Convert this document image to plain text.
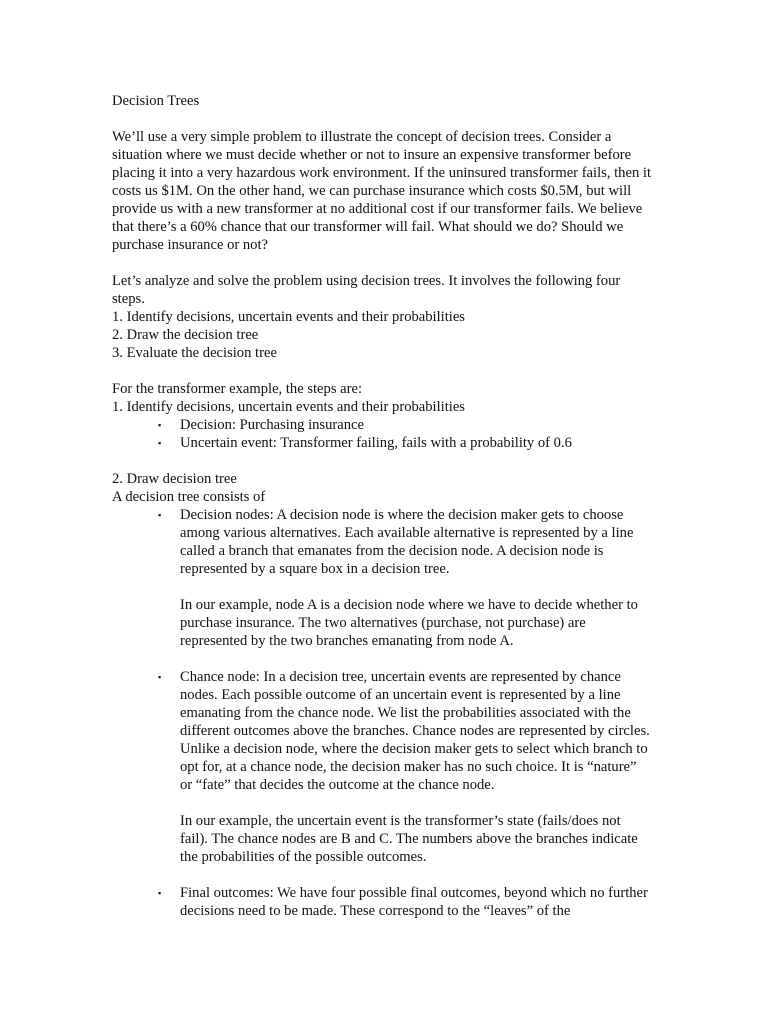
Decision Trees

We’ll use a very simple problem to illustrate the concept of decision trees. Consider a situation where we must decide whether or not to insure an expensive transformer before placing it into a very hazardous work environment. If the uninsured transformer fails, then it costs us $1M. On the other hand, we can purchase insurance which costs $0.5M, but will provide us with a new transformer at no additional cost if our transformer fails. We believe that there’s a 60% chance that our transformer will fail. What should we do? Should we purchase insurance or not?

Let’s analyze and solve the problem using decision trees. It involves the following four steps.

1. Identify decisions, uncertain events and their probabilities

2. Draw the decision tree

3. Evaluate the decision tree

For the transformer example, the steps are:

1. Identify decisions, uncertain events and their probabilities

▪ Decision: Purchasing insurance
▪ Uncertain event: Transformer failing, fails with a probability of 0.6

2. Draw decision tree

A decision tree consists of

▪ Decision nodes: A decision node is where the decision maker gets to choose among various alternatives. Each available alternative is represented by a line called a branch that emanates from the decision node. A decision node is represented by a square box in a decision tree.

In our example, node A is a decision node where we have to decide whether to purchase insurance. The two alternatives (purchase, not purchase) are represented by the two branches emanating from node A.

▪ Chance node: In a decision tree, uncertain events are represented by chance nodes. Each possible outcome of an uncertain event is represented by a line emanating from the chance node. We list the probabilities associated with the different outcomes above the branches. Chance nodes are represented by circles. Unlike a decision node, where the decision maker gets to select which branch to opt for, at a chance node, the decision maker has no such choice. It is “nature” or “fate” that decides the outcome at the chance node.

In our example, the uncertain event is the transformer’s state (fails/does not fail). The chance nodes are B and C. The numbers above the branches indicate the probabilities of the possible outcomes.

▪ Final outcomes: We have four possible final outcomes, beyond which no further decisions need to be made. These correspond to the “leaves” of the
